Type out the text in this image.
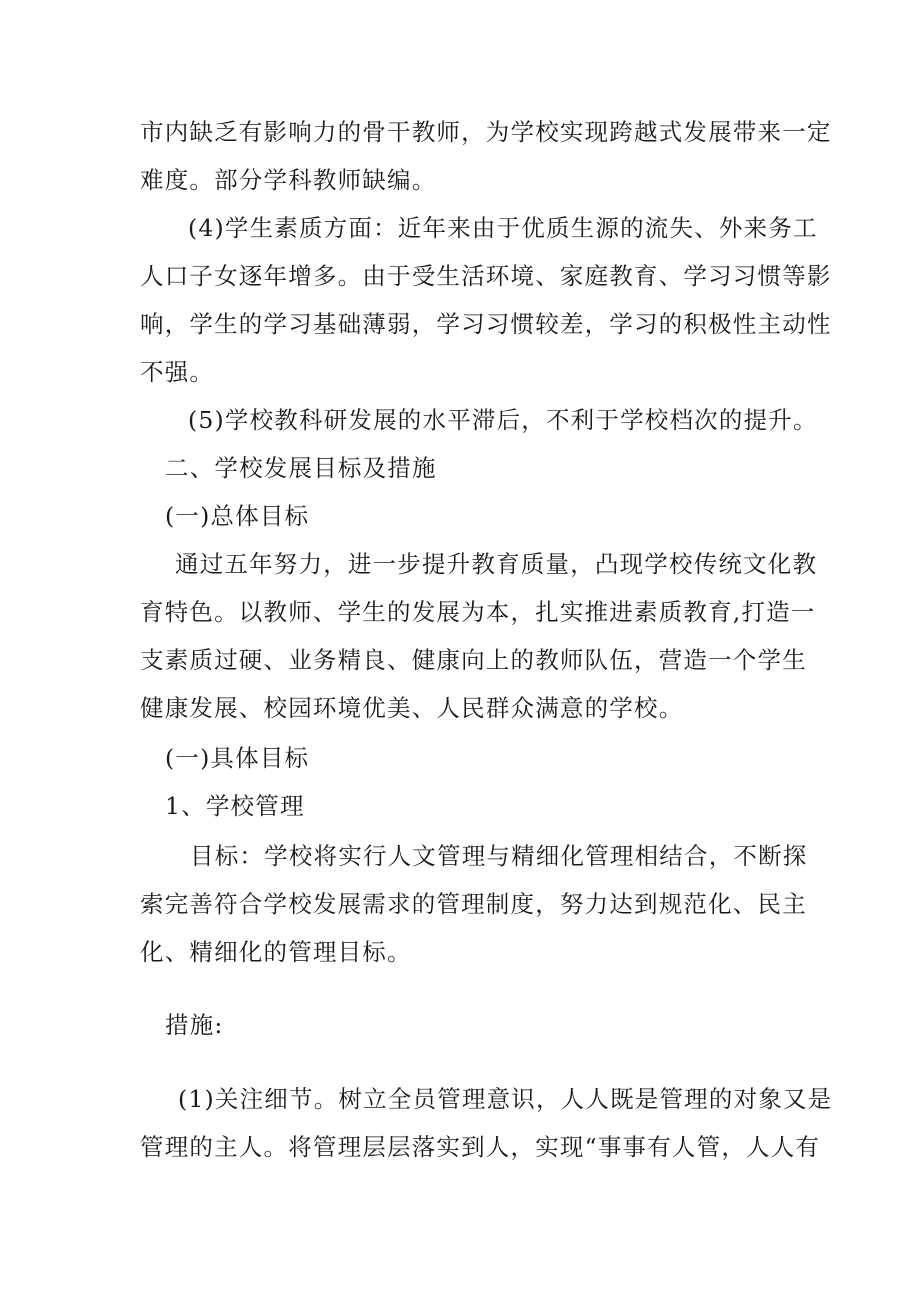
市内缺乏有影响力的骨干教师，为学校实现跨越式发展带来一定
难度。部分学科教师缺编。
(4)学生素质方面：近年来由于优质生源的流失、外来务工
人口子女逐年增多。由于受生活环境、家庭教育、学习习惯等影
响，学生的学习基础薄弱，学习习惯较差，学习的积极性主动性
不强。
(5)学校教科研发展的水平滞后，不利于学校档次的提升。
二、学校发展目标及措施
(一)总体目标
通过五年努力，进一步提升教育质量，凸现学校传统文化教
育特色。以教师、学生的发展为本，扎实推进素质教育,打造一
支素质过硬、业务精良、健康向上的教师队伍，营造一个学生
健康发展、校园环境优美、人民群众满意的学校。
(一)具体目标
1、学校管理
目标：学校将实行人文管理与精细化管理相结合，不断探
索完善符合学校发展需求的管理制度，努力达到规范化、民主
化、精细化的管理目标。
措施:
(1)关注细节。树立全员管理意识，人人既是管理的对象又是
管理的主人。将管理层层落实到人，实现“事事有人管，人人有
